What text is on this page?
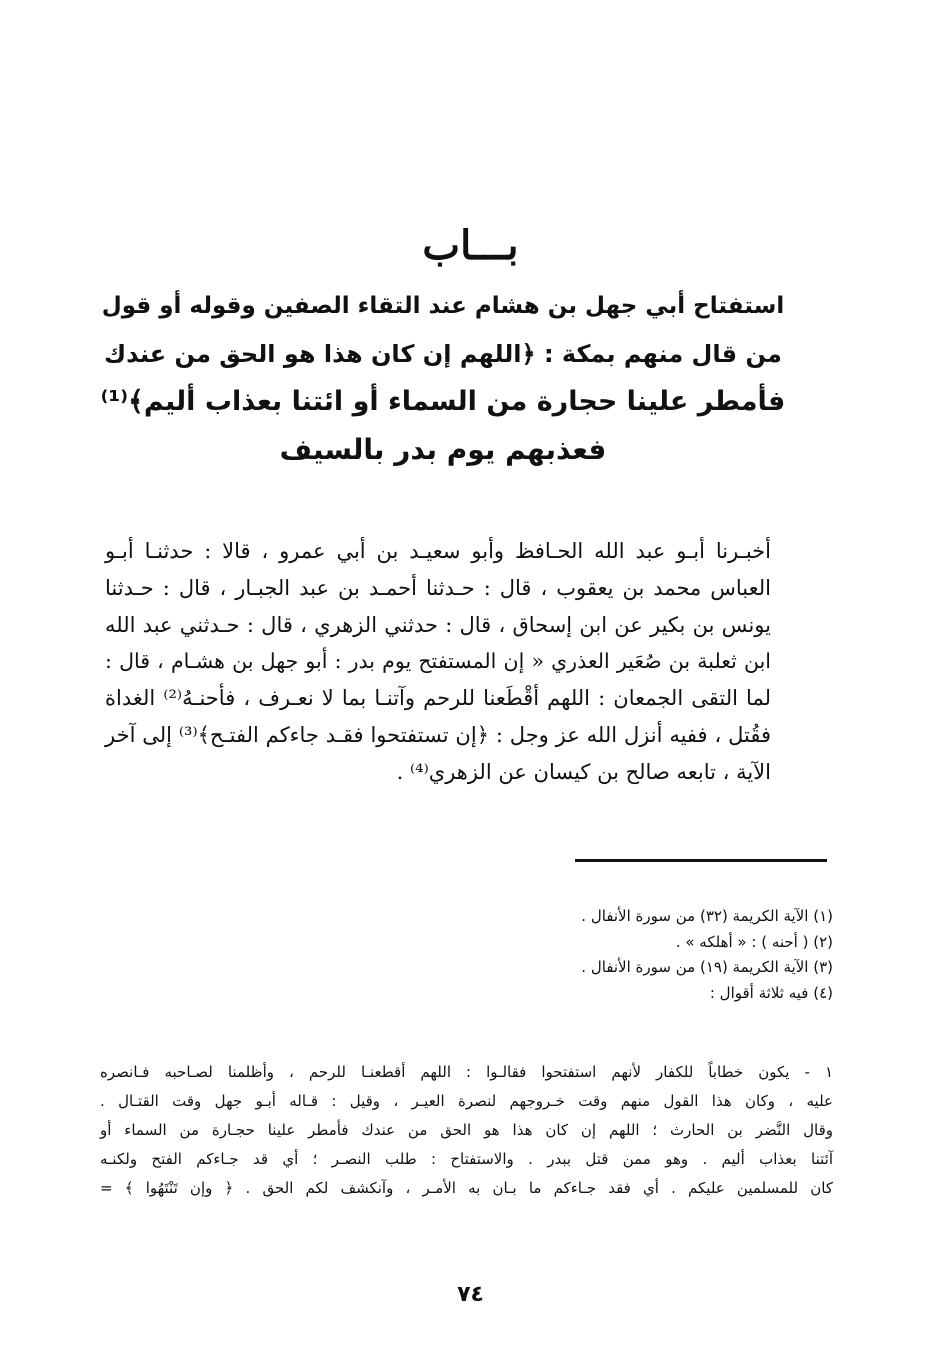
بـــاب
استفتاح أبي جهل بن هشام عند التقاء الصفين وقوله أو قول
من قال منهم بمكة : ﴿اللهم إن كان هذا هو الحق من عندك
فأمطر علينا حجارة من السماء أو ائتنا بعذاب أليم﴾⁽¹⁾
فعذبهم يوم بدر بالسيف
أخبـرنا أبـو عبد الله الحـافظ وأبو سعيـد بن أبي عمرو ، قالا : حدثنـا أبـو
العباس محمد بن يعقوب ، قال : حـدثنا أحمـد بن عبد الجبـار ، قال : حـدثنا
يونس بن بكير عن ابن إسحاق ، قال : حدثني الزهري ، قال : حـدثني عبد الله
ابن ثعلبة بن صُعَير العذري « إن المستفتح يوم بدر : أبو جهل بن هشـام ، قال :
لما التقى الجمعان : اللهم أقْطَعنا للرحم وآتنـا بما لا نعـرف ، فأحنـهُ⁽²⁾ الغداة
فقُتل ، ففيه أنزل الله عز وجل : ﴿إن تستفتحوا فقـد جاءكم الفتـح﴾⁽³⁾ إلى آخر
الآية ، تابعه صالح بن كيسان عن الزهري⁽⁴⁾ .
(١) الآية الكريمة (٣٢) من سورة الأنفال .
(٢) ( أحنه ) : « أهلكه » .
(٣) الآية الكريمة (١٩) من سورة الأنفال .
(٤) فيه ثلاثة أقوال :
١ - يكون خطاباً للكفار لأنهم استفتحوا فقالـوا : اللهم أقطعنـا للرحم ، وأظلمنا لصـاحبه فـانصره
عليه ، وكان هذا القول منهم وقت خـروجهم لنصرة العيـر ، وقيل : قـاله أبـو جهل وقت القتـال .
وقال النَّضر بن الحارث ؛ اللهم إن كان هذا هو الحق من عندك فأمطر علينا حجـارة من السماء أو
آئتنا بعذاب أليم . وهو ممن قتل ببدر . والاستفتاح : طلب النصـر ؛ أي قد جـاءكم الفتح ولكنـه
كان للمسلمين عليكم . أي فقد جـاءكم ما بـان به الأمـر ، وآنكشف لكم الحق . ﴿ وإن تَنْتَهُوا ﴾ =
٧٤
